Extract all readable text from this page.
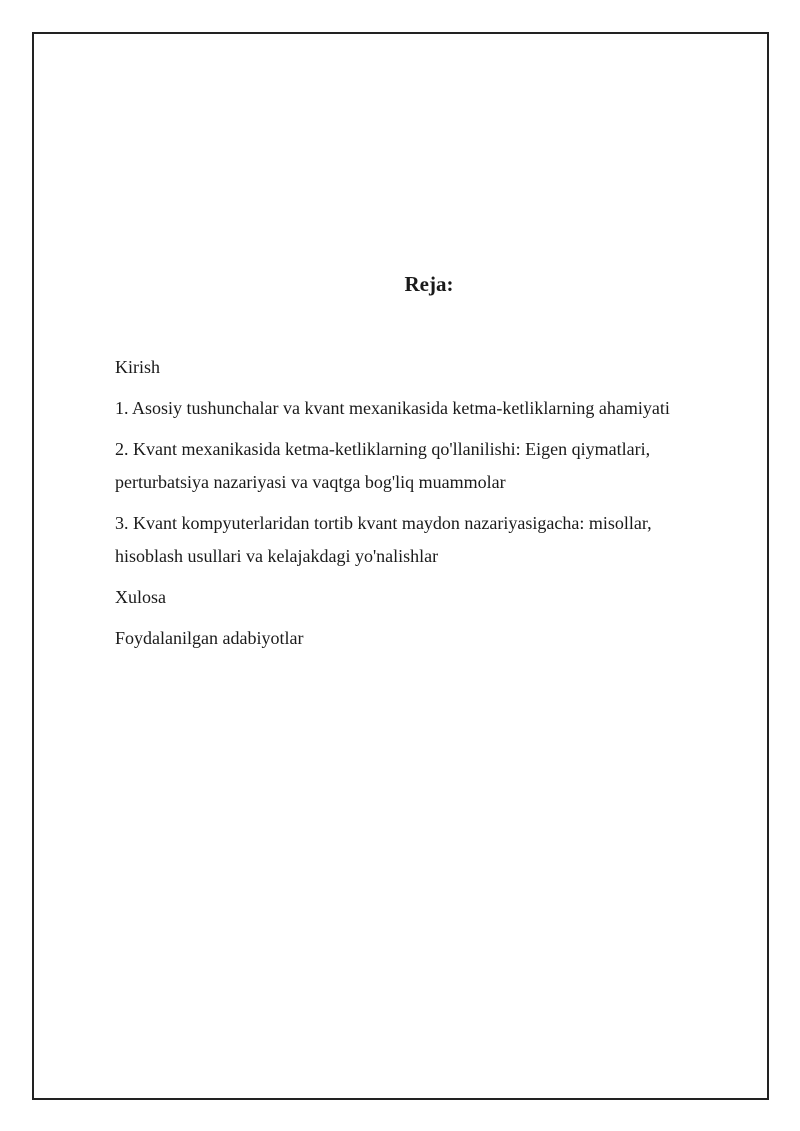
Reja:
Kirish
1. Asosiy tushunchalar va kvant mexanikasida ketma-ketliklarning ahamiyati
2. Kvant mexanikasida ketma-ketliklarning qo'llanilishi: Eigen qiymatlari, perturbatsiya nazariyasi va vaqtga bog'liq muammolar
3. Kvant kompyuterlaridan tortib kvant maydon nazariyasigacha: misollar, hisoblash usullari va kelajakdagi yo'nalishlar
Xulosa
Foydalanilgan adabiyotlar
